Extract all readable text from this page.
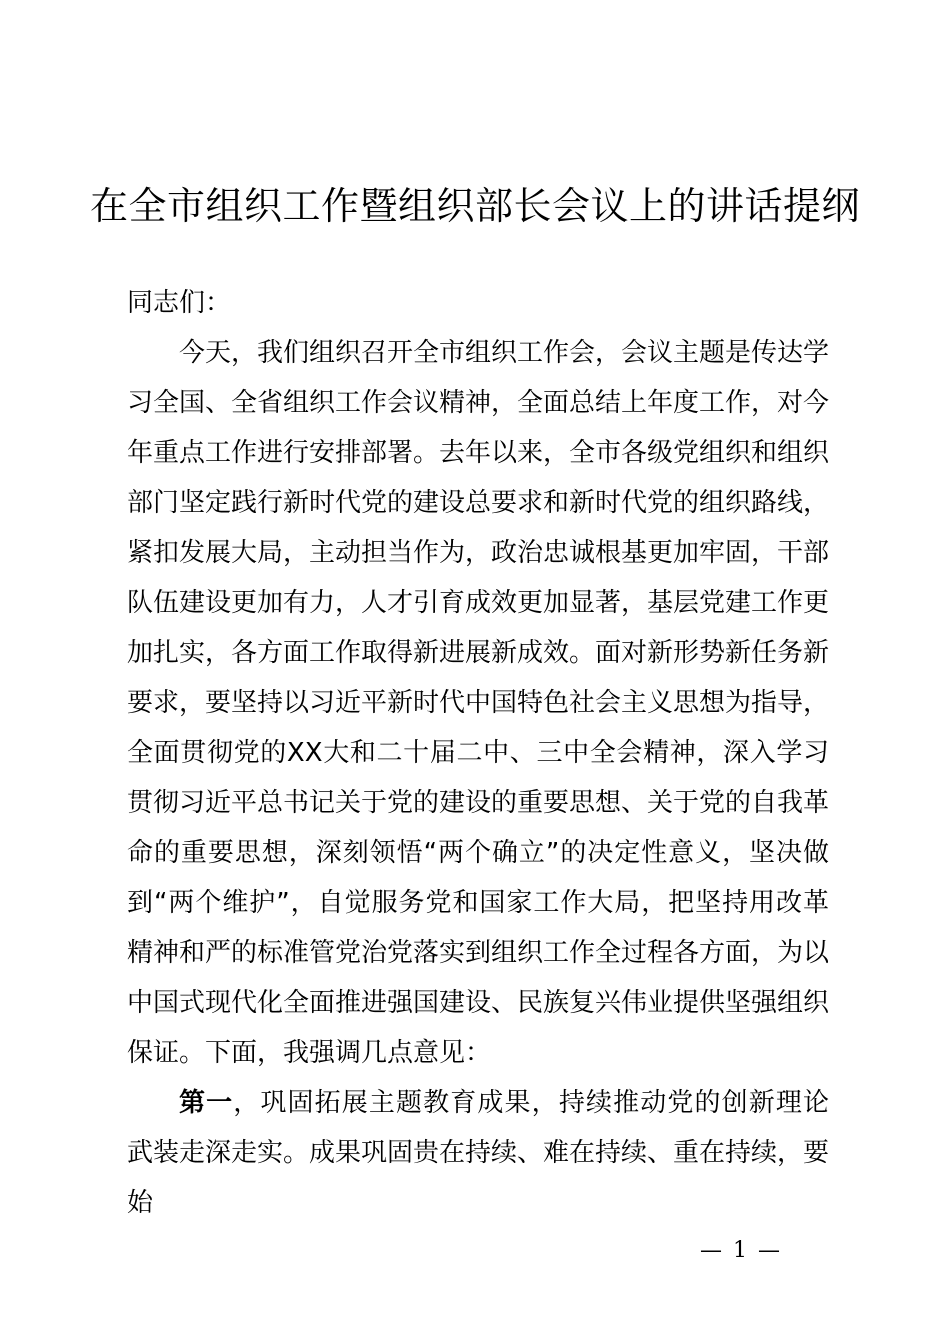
在全市组织工作暨组织部长会议上的讲话提纲

同志们：

今天，我们组织召开全市组织工作会，会议主题是传达学习全国、全省组织工作会议精神，全面总结上年度工作，对今年重点工作进行安排部署。去年以来，全市各级党组织和组织部门坚定践行新时代党的建设总要求和新时代党的组织路线，紧扣发展大局，主动担当作为，政治忠诚根基更加牢固，干部队伍建设更加有力，人才引育成效更加显著，基层党建工作更加扎实，各方面工作取得新进展新成效。面对新形势新任务新要求，要坚持以习近平新时代中国特色社会主义思想为指导，全面贯彻党的XX大和二十届二中、三中全会精神，深入学习贯彻习近平总书记关于党的建设的重要思想、关于党的自我革命的重要思想，深刻领悟“两个确立”的决定性意义，坚决做到“两个维护”，自觉服务党和国家工作大局，把坚持用改革精神和严的标准管党治党落实到组织工作全过程各方面，为以中国式现代化全面推进强国建设、民族复兴伟业提供坚强组织保证。下面，我强调几点意见：

第一，巩固拓展主题教育成果，持续推动党的创新理论武装走深走实。成果巩固贵在持续、难在持续、重在持续，要始

— 1 —
